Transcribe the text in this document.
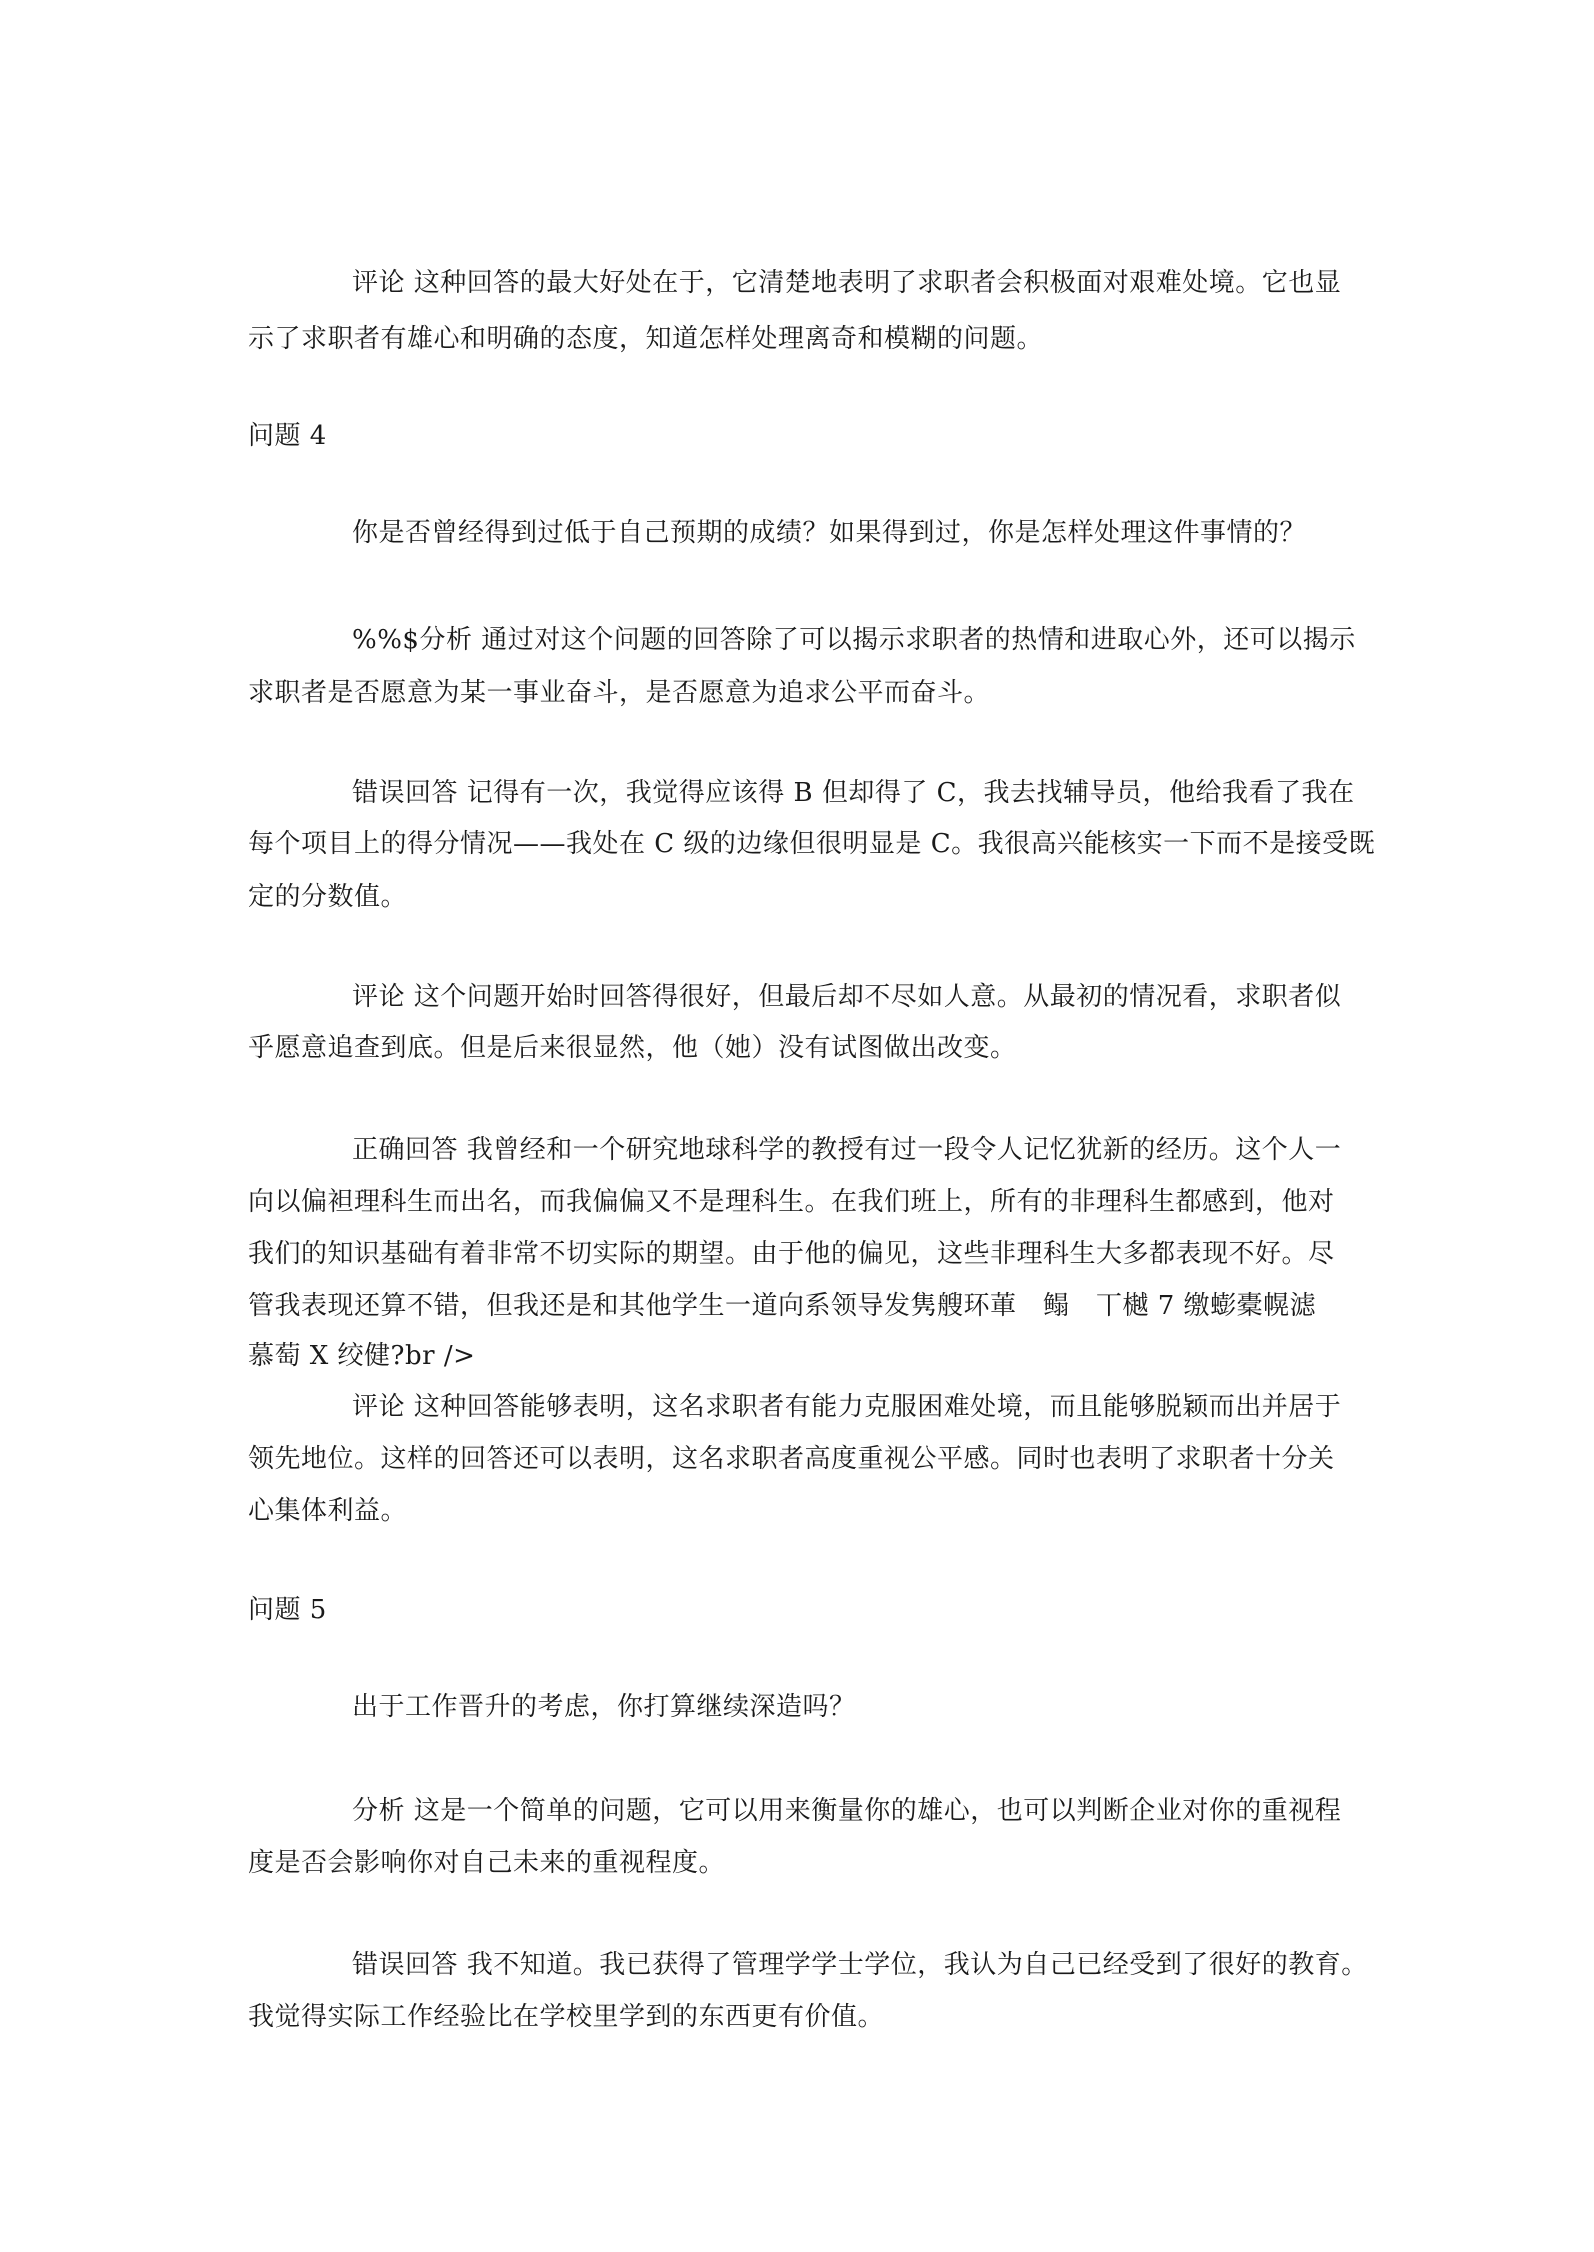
评论 这种回答的最大好处在于，它清楚地表明了求职者会积极面对艰难处境。它也显
示了求职者有雄心和明确的态度，知道怎样处理离奇和模糊的问题。
问题 4
你是否曾经得到过低于自己预期的成绩？如果得到过，你是怎样处理这件事情的？
%%$分析 通过对这个问题的回答除了可以揭示求职者的热情和进取心外，还可以揭示
求职者是否愿意为某一事业奋斗，是否愿意为追求公平而奋斗。
错误回答 记得有一次，我觉得应该得 B 但却得了 C，我去找辅导员，他给我看了我在
每个项目上的得分情况——我处在 C 级的边缘但很明显是 C。我很高兴能核实一下而不是接受既
定的分数值。
评论 这个问题开始时回答得很好，但最后却不尽如人意。从最初的情况看，求职者似
乎愿意追查到底。但是后来很显然，他（她）没有试图做出改变。
正确回答 我曾经和一个研究地球科学的教授有过一段令人记忆犹新的经历。这个人一
向以偏袒理科生而出名，而我偏偏又不是理科生。在我们班上，所有的非理科生都感到，他对
我们的知识基础有着非常不切实际的期望。由于他的偏见，这些非理科生大多都表现不好。尽
管我表现还算不错，但我还是和其他学生一道向系领导发隽艘环莗　鳎　丅樾 7 缴蟛橐幌滤
慕萄 X 绞健?br />
评论 这种回答能够表明，这名求职者有能力克服困难处境，而且能够脱颖而出并居于
领先地位。这样的回答还可以表明，这名求职者高度重视公平感。同时也表明了求职者十分关
心集体利益。
问题 5
出于工作晋升的考虑，你打算继续深造吗？
分析 这是一个简单的问题，它可以用来衡量你的雄心，也可以判断企业对你的重视程
度是否会影响你对自己未来的重视程度。
错误回答 我不知道。我已获得了管理学学士学位，我认为自己已经受到了很好的教育。
我觉得实际工作经验比在学校里学到的东西更有价值。
